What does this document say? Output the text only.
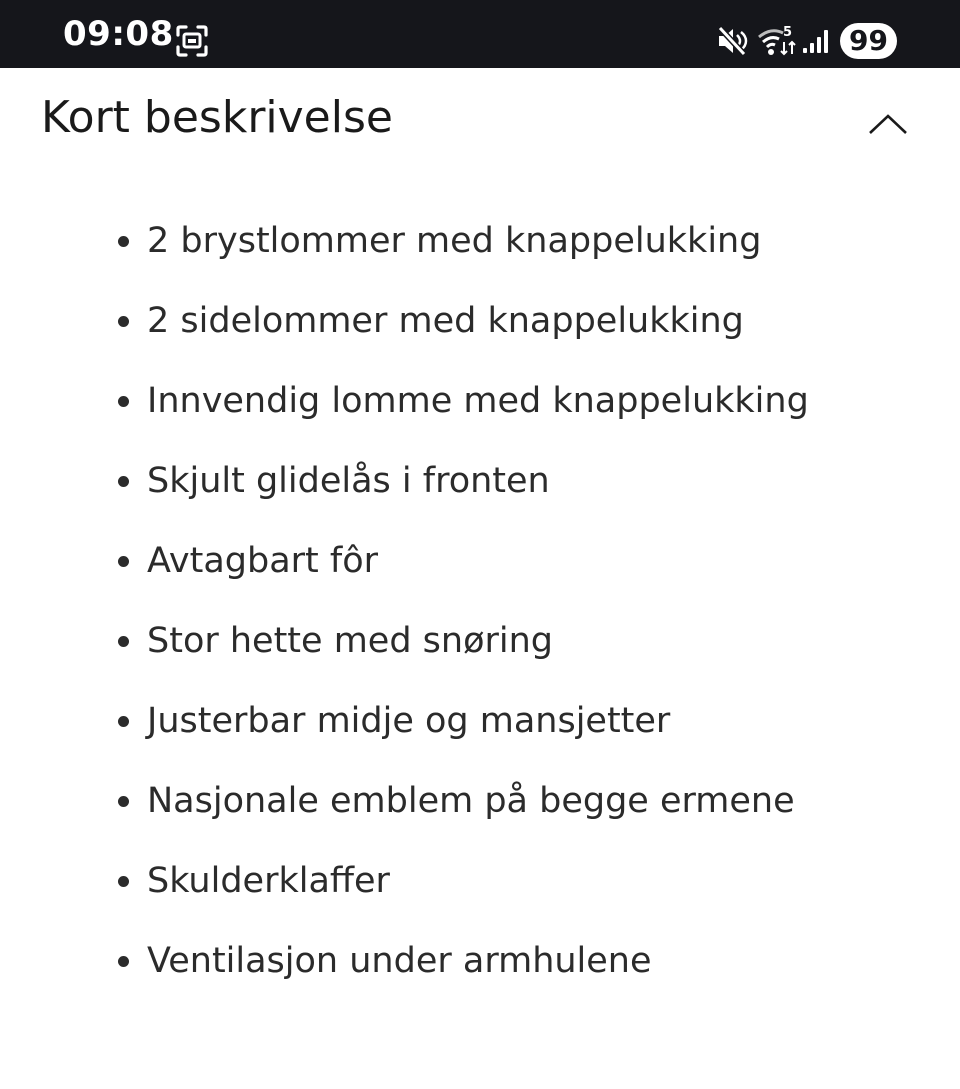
09:08	5	99
Kort beskrivelse
2 brystlommer med knappelukking
2 sidelommer med knappelukking
Innvendig lomme med knappelukking
Skjult glidelås i fronten
Avtagbart fôr
Stor hette med snøring
Justerbar midje og mansjetter
Nasjonale emblem på begge ermene
Skulderklaffer
Ventilasjon under armhulene
